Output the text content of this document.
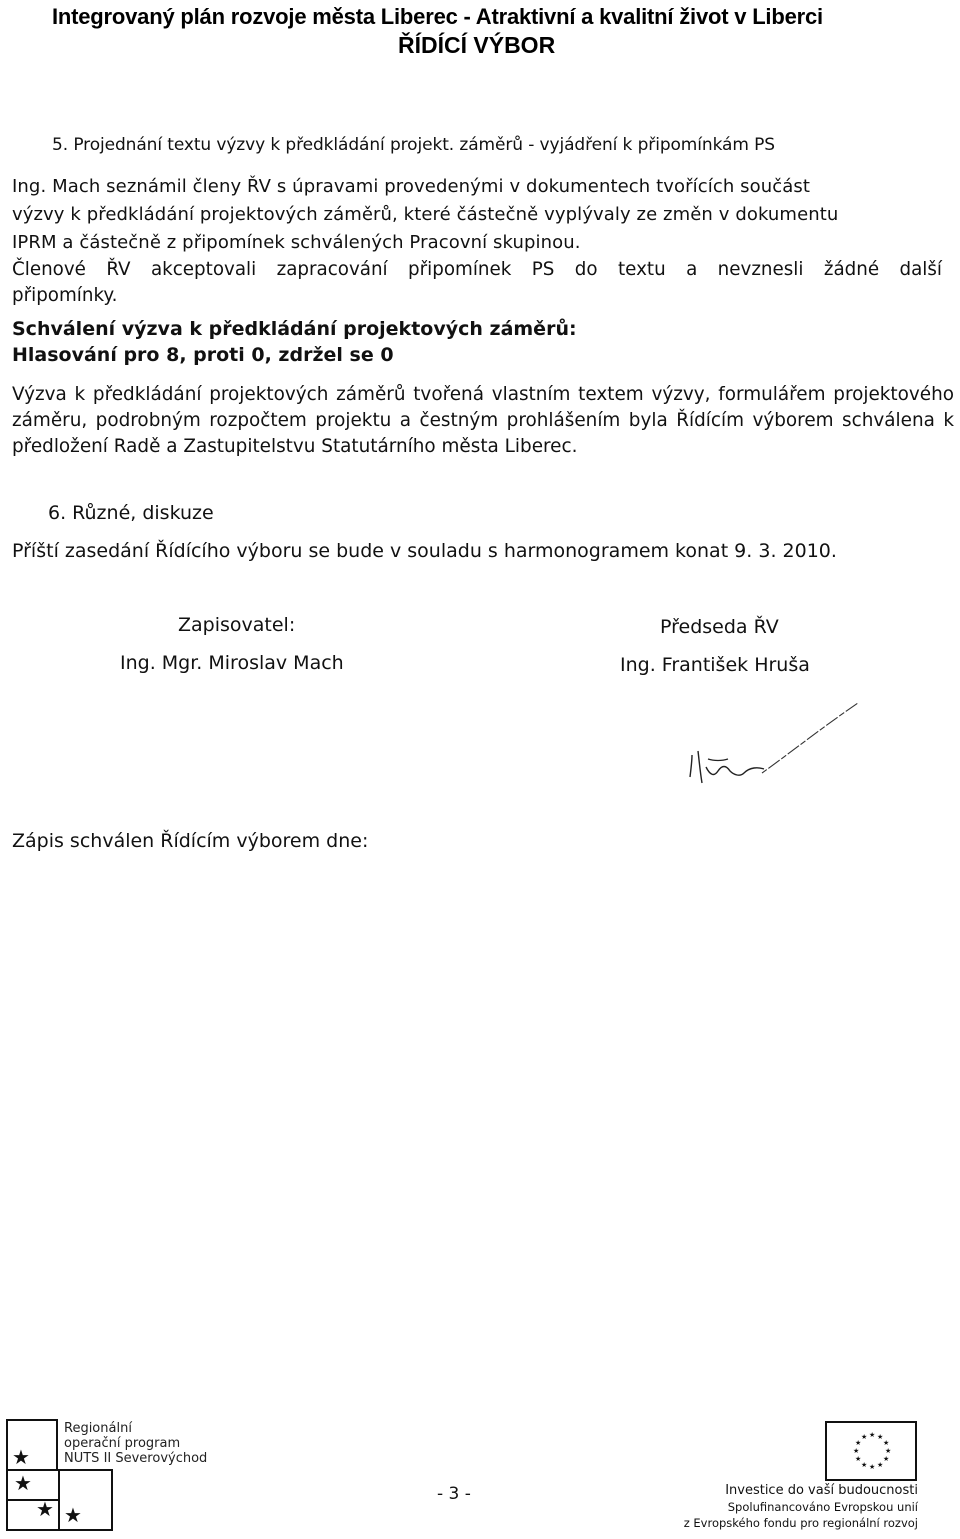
Integrovaný plán rozvoje města Liberec - Atraktivní a kvalitní život v Liberci
ŘÍDÍCÍ VÝBOR
5. Projednání textu výzvy k předkládání projekt. záměrů - vyjádření k připomínkám PS
Ing. Mach seznámil členy ŘV s úpravami provedenými v dokumentech tvořících součást
výzvy k předkládání projektových záměrů, které částečně vyplývaly ze změn v dokumentu
IPRM a částečně z připomínek schválených Pracovní skupinou.
Členové ŘV akceptovali zapracování připomínek PS do textu a nevznesli žádné další připomínky.
Schválení výzva k předkládání projektových záměrů:
Hlasování pro 8, proti 0, zdržel se 0
Výzva k předkládání projektových záměrů tvořená vlastním textem výzvy, formulářem projektového záměru, podrobným rozpočtem projektu a čestným prohlášením byla Řídícím výborem schválena k předložení Radě a Zastupitelstvu Statutárního města Liberec.
6. Různé, diskuze
Příští zasedání Řídícího výboru se bude v souladu s harmonogramem konat 9. 3. 2010.
Zapisovatel:
Ing. Mgr. Miroslav Mach
Předseda ŘV
Ing. František Hruša
Zápis schválen Řídícím výborem dne:
★
★
★ ★
Regionální
operační program
NUTS II Severovýchod
- 3 -
★ ★
★
★
★
★
★
★
★
★
★
★
Investice do vaší budoucnosti
Spolufinancováno Evropskou unií
z Evropského fondu pro regionální rozvoj
